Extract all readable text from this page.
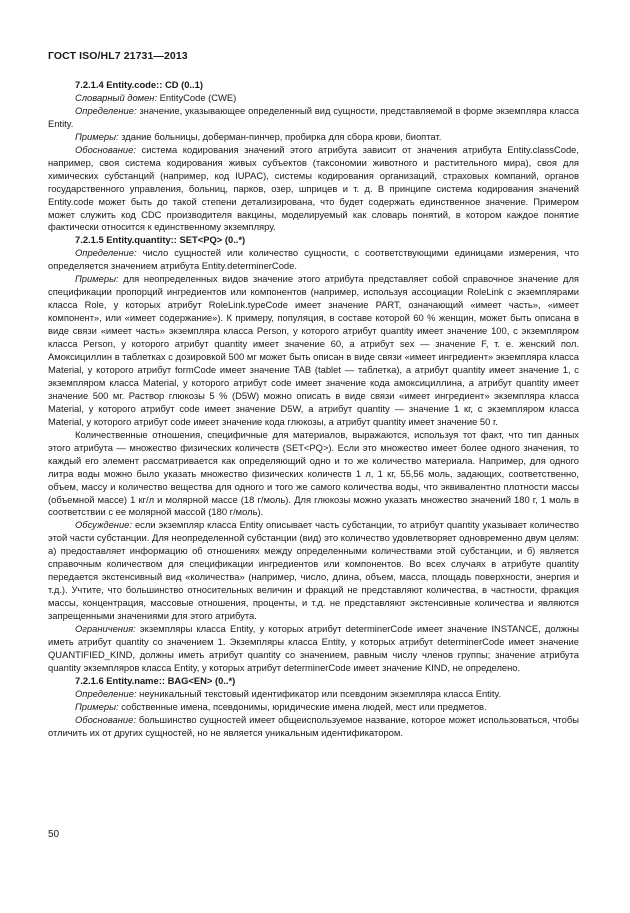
ГОСТ ISO/HL7 21731—2013

7.2.1.4 Entity.code:: CD (0..1)

Словарный домен: EntityCode (CWE)

Определение: значение, указывающее определенный вид сущности, представляемой в форме экземпляра класса Entity.

Примеры: здание больницы, доберман-пинчер, пробирка для сбора крови, биоптат.

Обоснование: система кодирования значений этого атрибута зависит от значения атрибута Entity.classCode, например, своя система кодирования живых субъектов (таксономии животного и растительного мира), своя для химических субстанций (например, код IUPAC), системы кодирования организаций, страховых компаний, органов государственного управления, больниц, парков, озер, шприцев и т. д. В принципе система кодирования значений Entity.code может быть до такой степени детализирована, что будет содержать единственное значение. Примером может служить код CDC производителя вакцины, моделируемый как словарь понятий, в котором каждое понятие фактически относится к единственному экземпляру.

7.2.1.5 Entity.quantity:: SET<PQ> (0..*)

Определение: число сущностей или количество сущности, с соответствующими единицами измерения, что определяется значением атрибута Entity.determinerCode.

Примеры: для неопределенных видов значение этого атрибута представляет собой справочное значение для спецификации пропорций ингредиентов или компонентов (например, используя ассоциации RoleLink с экземплярами класса Role, у которых атрибут RoleLink.typeCode имеет значение PART, означающий «имеет часть», «имеет компонент», или «имеет содержание»). К примеру, популяция, в составе которой 60 % женщин, может быть описана в виде связи «имеет часть» экземпляра класса Person, у которого атрибут quantity имеет значение 100, с экземпляром класса Person, у которого атрибут quantity имеет значение 60, а атрибут sex — значение F, т. е. женский пол. Амоксициллин в таблетках с дозировкой 500 мг может быть описан в виде связи «имеет ингредиент» экземпляра класса Material, у которого атрибут formCode имеет значение TAB (tablet — таблетка), а атрибут quantity имеет значение 1, с экземпляром класса Material, у которого атрибут code имеет значение кода амоксициллина, а атрибут quantity имеет значение 500 мг. Раствор глюкозы 5 % (D5W) можно описать в виде связи «имеет ингредиент» экземпляра класса Material, у которого атрибут code имеет значение D5W, а атрибут quantity — значение 1 кг, с экземпляром класса Material, у которого атрибут code имеет значение кода глюкозы, а атрибут quantity имеет значение 50 г.

Количественные отношения, специфичные для материалов, выражаются, используя тот факт, что тип данных этого атрибута — множество физических количеств (SET<PQ>). Если это множество имеет более одного значения, то каждый его элемент рассматривается как определяющий одно и то же количество материала. Например, для одного литра воды можно было указать множество физических количеств 1 л, 1 кг, 55,56 моль, задающих, соответственно, объем, массу и количество вещества для одного и того же самого количества воды, что эквивалентно плотности массы (объемной массе) 1 кг/л и молярной массе (18 г/моль). Для глюкозы можно указать множество значений 180 г, 1 моль в соответствии с ее молярной массой (180 г/моль).

Обсуждение: если экземпляр класса Entity описывает часть субстанции, то атрибут quantity указывает количество этой части субстанции. Для неопределенной субстанции (вид) это количество удовлетворяет одновременно двум целям: а) предоставляет информацию об отношениях между определенными количествами этой субстанции, и б) является справочным количеством для спецификации ингредиентов или компонентов. Во всех случаях в атрибуте quantity передается экстенсивный вид «количества» (например, число, длина, объем, масса, площадь поверхности, энергия и т.д.). Учтите, что большинство относительных величин и фракций не представляют количества, в частности, фракция массы, концентрация, массовые отношения, проценты, и т.д. не представляют экстенсивные количества и являются запрещенными значениями для этого атрибута.

Ограничения: экземпляры класса Entity, у которых атрибут determinerCode имеет значение INSTANCE, должны иметь атрибут quantity со значением 1. Экземпляры класса Entity, у которых атрибут determinerCode имеет значение QUANTIFIED_KIND, должны иметь атрибут quantity со значением, равным числу членов группы; значение атрибута quantity экземпляров класса Entity, у которых атрибут determinerCode имеет значение KIND, не определено.

7.2.1.6 Entity.name:: BAG<EN> (0..*)

Определение: неуникальный текстовый идентификатор или псевдоним экземпляра класса Entity.

Примеры: собственные имена, псевдонимы, юридические имена людей, мест или предметов.

Обоснование: большинство сущностей имеет общеиспользуемое название, которое может использоваться, чтобы отличить их от других сущностей, но не является уникальным идентификатором.

50
